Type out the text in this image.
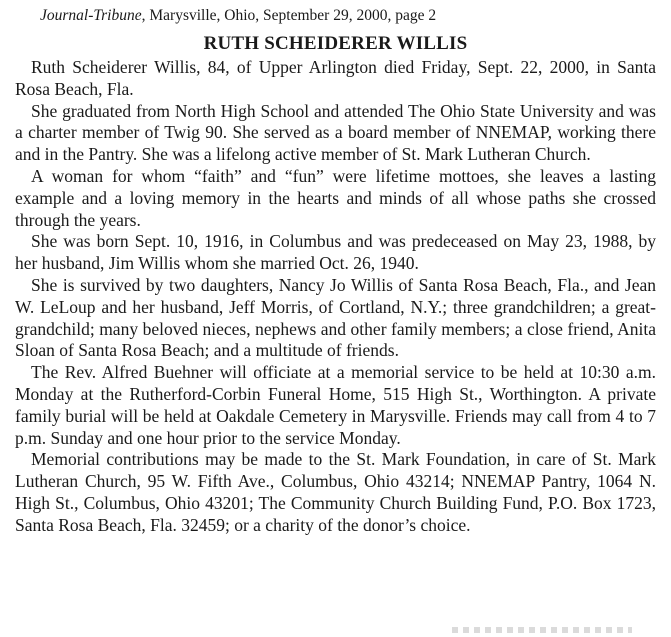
Journal-Tribune, Marysville, Ohio, September 29, 2000, page 2
RUTH SCHEIDERER WILLIS

Ruth Scheiderer Willis, 84, of Upper Arlington died Friday, Sept. 22, 2000, in Santa Rosa Beach, Fla.

She graduated from North High School and attended The Ohio State University and was a charter member of Twig 90. She served as a board member of NNEMAP, working there and in the Pantry. She was a lifelong active member of St. Mark Lutheran Church.

A woman for whom “faith” and “fun” were lifetime mottoes, she leaves a lasting example and a loving memory in the hearts and minds of all whose paths she crossed through the years.

She was born Sept. 10, 1916, in Columbus and was predeceased on May 23, 1988, by her husband, Jim Willis whom she married Oct. 26, 1940.

She is survived by two daughters, Nancy Jo Willis of Santa Rosa Beach, Fla., and Jean W. LeLoup and her husband, Jeff Morris, of Cortland, N.Y.; three grandchildren; a great-grandchild; many beloved nieces, nephews and other family members; a close friend, Anita Sloan of Santa Rosa Beach; and a multitude of friends.

The Rev. Alfred Buehner will officiate at a memorial service to be held at 10:30 a.m. Monday at the Rutherford-Corbin Funeral Home, 515 High St., Worthington. A private family burial will be held at Oakdale Cemetery in Marysville. Friends may call from 4 to 7 p.m. Sunday and one hour prior to the service Monday.

Memorial contributions may be made to the St. Mark Foundation, in care of St. Mark Lutheran Church, 95 W. Fifth Ave., Columbus, Ohio 43214; NNEMAP Pantry, 1064 N. High St., Columbus, Ohio 43201; The Community Church Building Fund, P.O. Box 1723, Santa Rosa Beach, Fla. 32459; or a charity of the donor’s choice.
